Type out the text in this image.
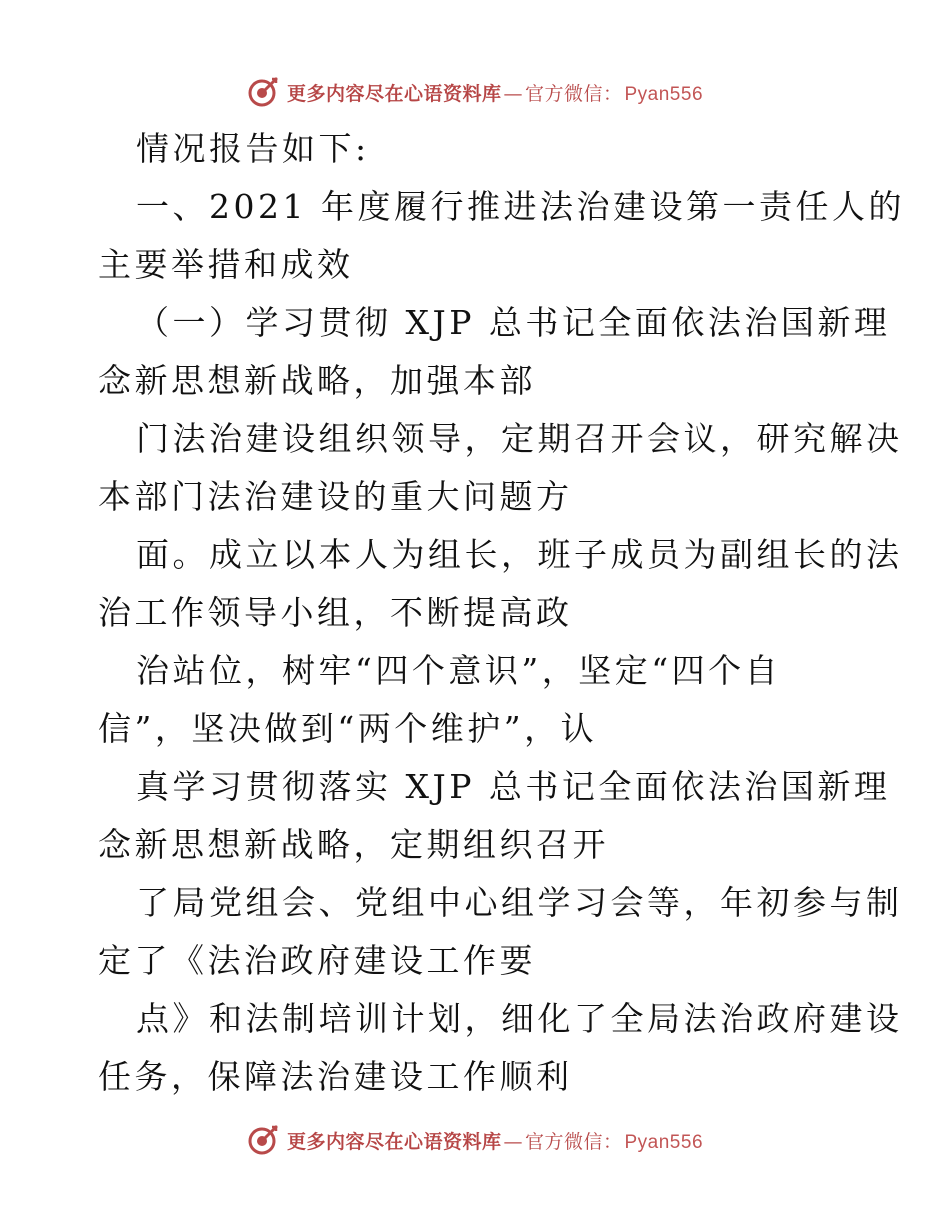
更多内容尽在心语资料库 — 官方微信： Pyan556
情况报告如下:
一、2021 年度履行推进法治建设第一责任人的
主要举措和成效
（一）学习贯彻 XJP 总书记全面依法治国新理
念新思想新战略，加强本部
门法治建设组织领导，定期召开会议，研究解决
本部门法治建设的重大问题方
面。成立以本人为组长，班子成员为副组长的法
治工作领导小组，不断提高政
治站位，树牢“四个意识”，坚定“四个自
信”，坚决做到“两个维护”，认
真学习贯彻落实 XJP 总书记全面依法治国新理
念新思想新战略，定期组织召开
了局党组会、党组中心组学习会等，年初参与制
定了《法治政府建设工作要
点》和法制培训计划，细化了全局法治政府建设
任务，保障法治建设工作顺利
更多内容尽在心语资料库 — 官方微信： Pyan556
